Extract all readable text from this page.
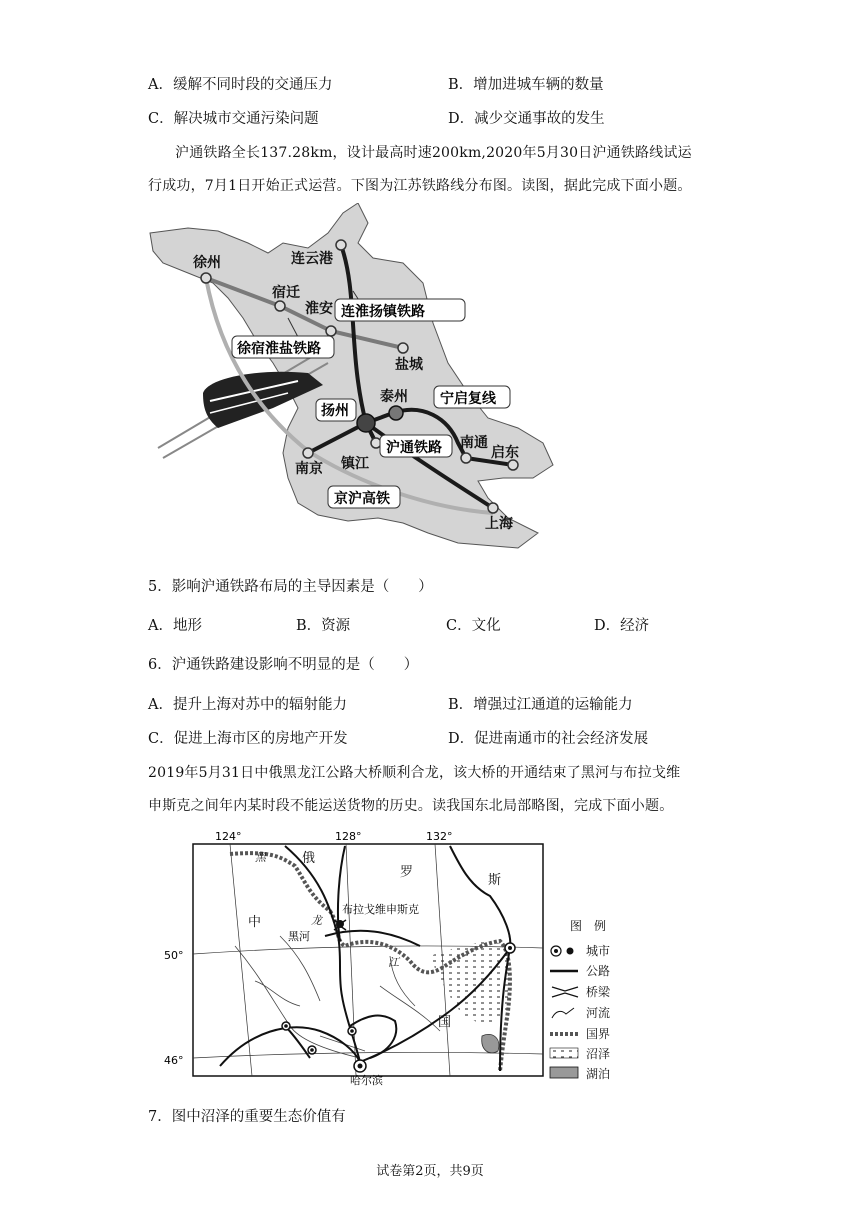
A．缓解不同时段的交通压力	B．增加进城车辆的数量
C．解决城市交通污染问题	D．减少交通事故的发生
沪通铁路全长137.28km，设计最高时速200km,2020年5月30日沪通铁路线试运
行成功，7月1日开始正式运营。下图为江苏铁路线分布图。读图，据此完成下面小题。
徐州	连云港
宿迁
淮安
盐城
泰州
南京 镇江
南通
启东
上海
连淮扬镇铁路
徐宿淮盐铁路
扬州
宁启复线
沪通铁路
京沪高铁
5．影响沪通铁路布局的主导因素是（　　）
A．地形	B．资源	C．文化	D．经济
6．沪通铁路建设影响不明显的是（　　）
A．提升上海对苏中的辐射能力	B．增强过江通道的运输能力
C．促进上海市区的房地产开发	D．促进南通市的社会经济发展
2019年5月31日中俄黑龙江公路大桥顺利合龙，该大桥的开通结束了黑河与布拉戈维
申斯克之间年内某时段不能运送货物的历史。读我国东北局部略图，完成下面小题。
124°	128°	132°
50°
46°
俄
罗
斯
中
国
黑
龙
江
布拉戈维申斯克
黑河
哈尔滨
图　例
城市
公路
桥梁
河流
国界
沼泽
湖泊
7．图中沼泽的重要生态价值有
试卷第2页，共9页
